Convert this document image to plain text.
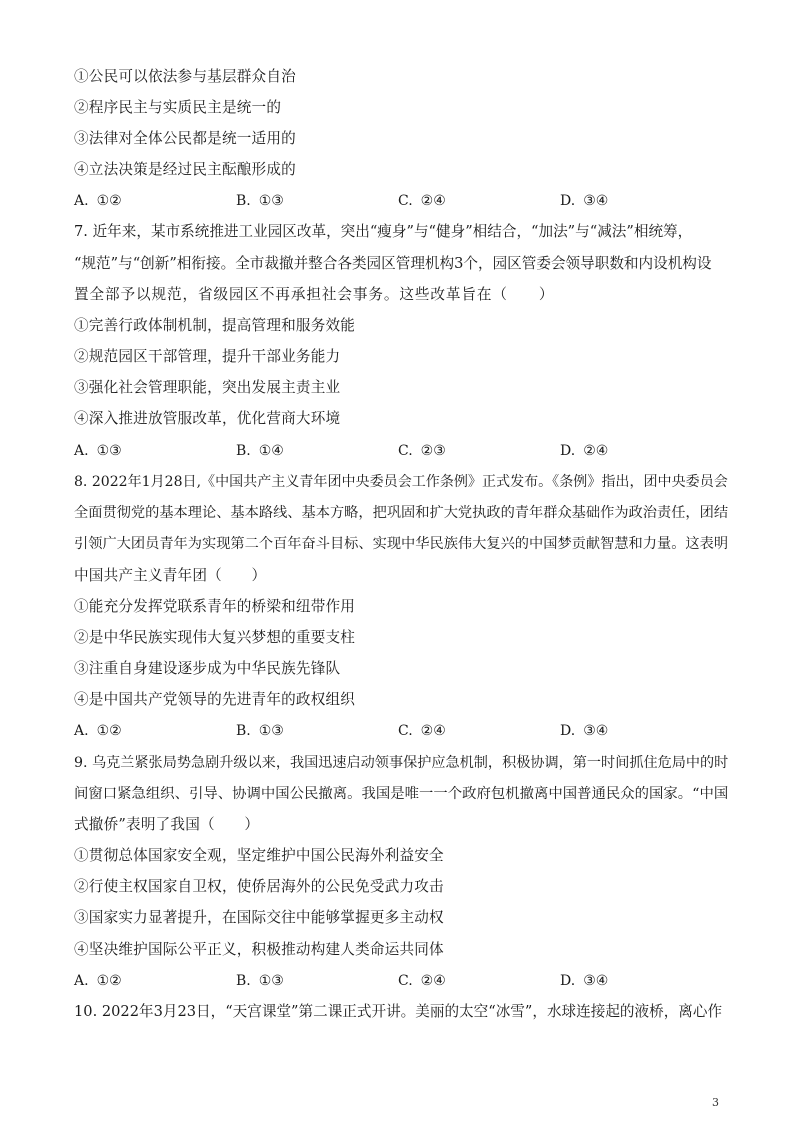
①公民可以依法参与基层群众自治
②程序民主与实质民主是统一的
③法律对全体公民都是统一适用的
④立法决策是经过民主酝酿形成的
A. ①②	B. ①③	C. ②④	D. ③④
7. 近年来，某市系统推进工业园区改革，突出“瘦身”与“健身”相结合，“加法”与“减法”相统筹，
“规范”与“创新”相衔接。全市裁撤并整合各类园区管理机构3个，园区管委会领导职数和内设机构设
置全部予以规范，省级园区不再承担社会事务。这些改革旨在（　　）
①完善行政体制机制，提高管理和服务效能
②规范园区干部管理，提升干部业务能力
③强化社会管理职能，突出发展主责主业
④深入推进放管服改革，优化营商大环境
A. ①③	B. ①④	C. ②③	D. ②④
8. 2022年1月28日,《中国共产主义青年团中央委员会工作条例》正式发布。《条例》指出，团中央委员会
全面贯彻党的基本理论、基本路线、基本方略，把巩固和扩大党执政的青年群众基础作为政治责任，团结
引领广大团员青年为实现第二个百年奋斗目标、实现中华民族伟大复兴的中国梦贡献智慧和力量。这表明
中国共产主义青年团（　　）
①能充分发挥党联系青年的桥梁和纽带作用
②是中华民族实现伟大复兴梦想的重要支柱
③注重自身建设逐步成为中华民族先锋队
④是中国共产党领导的先进青年的政权组织
A. ①②	B. ①③	C. ②④	D. ③④
9. 乌克兰紧张局势急剧升级以来，我国迅速启动领事保护应急机制，积极协调，第一时间抓住危局中的时
间窗口紧急组织、引导、协调中国公民撤离。我国是唯一一个政府包机撤离中国普通民众的国家。“中国
式撤侨”表明了我国（　　）
①贯彻总体国家安全观，坚定维护中国公民海外利益安全
②行使主权国家自卫权，使侨居海外的公民免受武力攻击
③国家实力显著提升，在国际交往中能够掌握更多主动权
④坚决维护国际公平正义，积极推动构建人类命运共同体
A. ①②	B. ①③	C. ②④	D. ③④
10. 2022年3月23日，“天宫课堂”第二课正式开讲。美丽的太空“冰雪”，水球连接起的液桥，离心作
3
